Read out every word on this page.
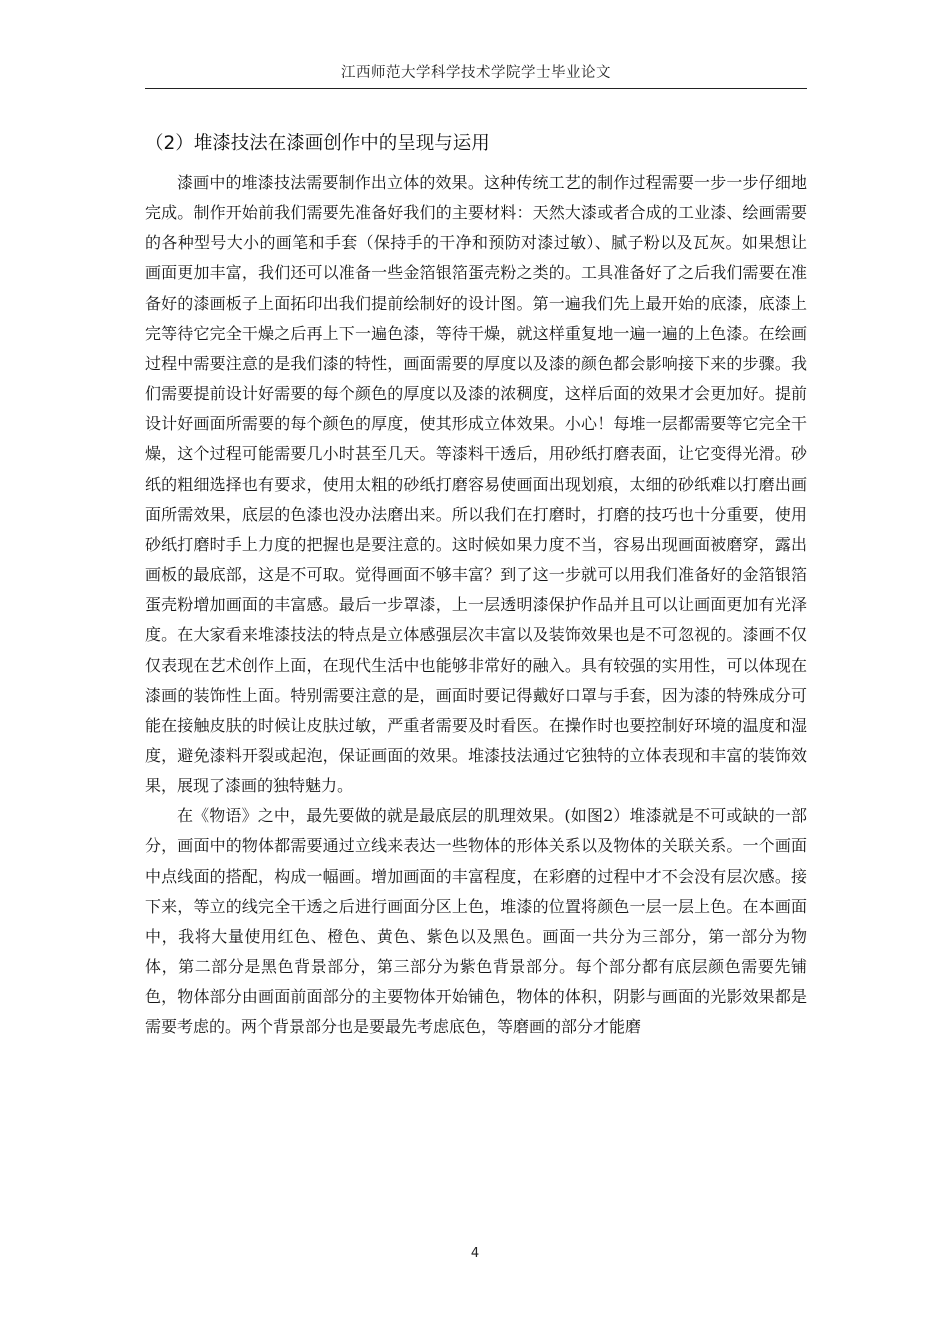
江西师范大学科学技术学院学士毕业论文
（2）堆漆技法在漆画创作中的呈现与运用

漆画中的堆漆技法需要制作出立体的效果。这种传统工艺的制作过程需要一步一步仔细地完成。制作开始前我们需要先准备好我们的主要材料：天然大漆或者合成的工业漆、绘画需要的各种型号大小的画笔和手套（保持手的干净和预防对漆过敏）、腻子粉以及瓦灰。如果想让画面更加丰富，我们还可以准备一些金箔银箔蛋壳粉之类的。工具准备好了之后我们需要在准备好的漆画板子上面拓印出我们提前绘制好的设计图。第一遍我们先上最开始的底漆，底漆上完等待它完全干燥之后再上下一遍色漆，等待干燥，就这样重复地一遍一遍的上色漆。在绘画过程中需要注意的是我们漆的特性，画面需要的厚度以及漆的颜色都会影响接下来的步骤。我们需要提前设计好需要的每个颜色的厚度以及漆的浓稠度，这样后面的效果才会更加好。提前设计好画面所需要的每个颜色的厚度，使其形成立体效果。小心！每堆一层都需要等它完全干燥，这个过程可能需要几小时甚至几天。等漆料干透后，用砂纸打磨表面，让它变得光滑。砂纸的粗细选择也有要求，使用太粗的砂纸打磨容易使画面出现划痕，太细的砂纸难以打磨出画面所需效果，底层的色漆也没办法磨出来。所以我们在打磨时，打磨的技巧也十分重要，使用砂纸打磨时手上力度的把握也是要注意的。这时候如果力度不当，容易出现画面被磨穿，露出画板的最底部，这是不可取。觉得画面不够丰富？到了这一步就可以用我们准备好的金箔银箔蛋壳粉增加画面的丰富感。最后一步罩漆，上一层透明漆保护作品并且可以让画面更加有光泽度。在大家看来堆漆技法的特点是立体感强层次丰富以及装饰效果也是不可忽视的。漆画不仅仅表现在艺术创作上面，在现代生活中也能够非常好的融入。具有较强的实用性，可以体现在漆画的装饰性上面。特别需要注意的是，画面时要记得戴好口罩与手套，因为漆的特殊成分可能在接触皮肤的时候让皮肤过敏，严重者需要及时看医。在操作时也要控制好环境的温度和湿度，避免漆料开裂或起泡，保证画面的效果。堆漆技法通过它独特的立体表现和丰富的装饰效果，展现了漆画的独特魅力。

在《物语》之中，最先要做的就是最底层的肌理效果。(如图2）堆漆就是不可或缺的一部分，画面中的物体都需要通过立线来表达一些物体的形体关系以及物体的关联关系。一个画面中点线面的搭配，构成一幅画。增加画面的丰富程度，在彩磨的过程中才不会没有层次感。接下来，等立的线完全干透之后进行画面分区上色，堆漆的位置将颜色一层一层上色。在本画面中，我将大量使用红色、橙色、黄色、紫色以及黑色。画面一共分为三部分，第一部分为物体，第二部分是黑色背景部分，第三部分为紫色背景部分。每个部分都有底层颜色需要先铺色，物体部分由画面前面部分的主要物体开始铺色，物体的体积，阴影与画面的光影效果都是需要考虑的。两个背景部分也是要最先考虑底色，等磨画的部分才能磨

4
